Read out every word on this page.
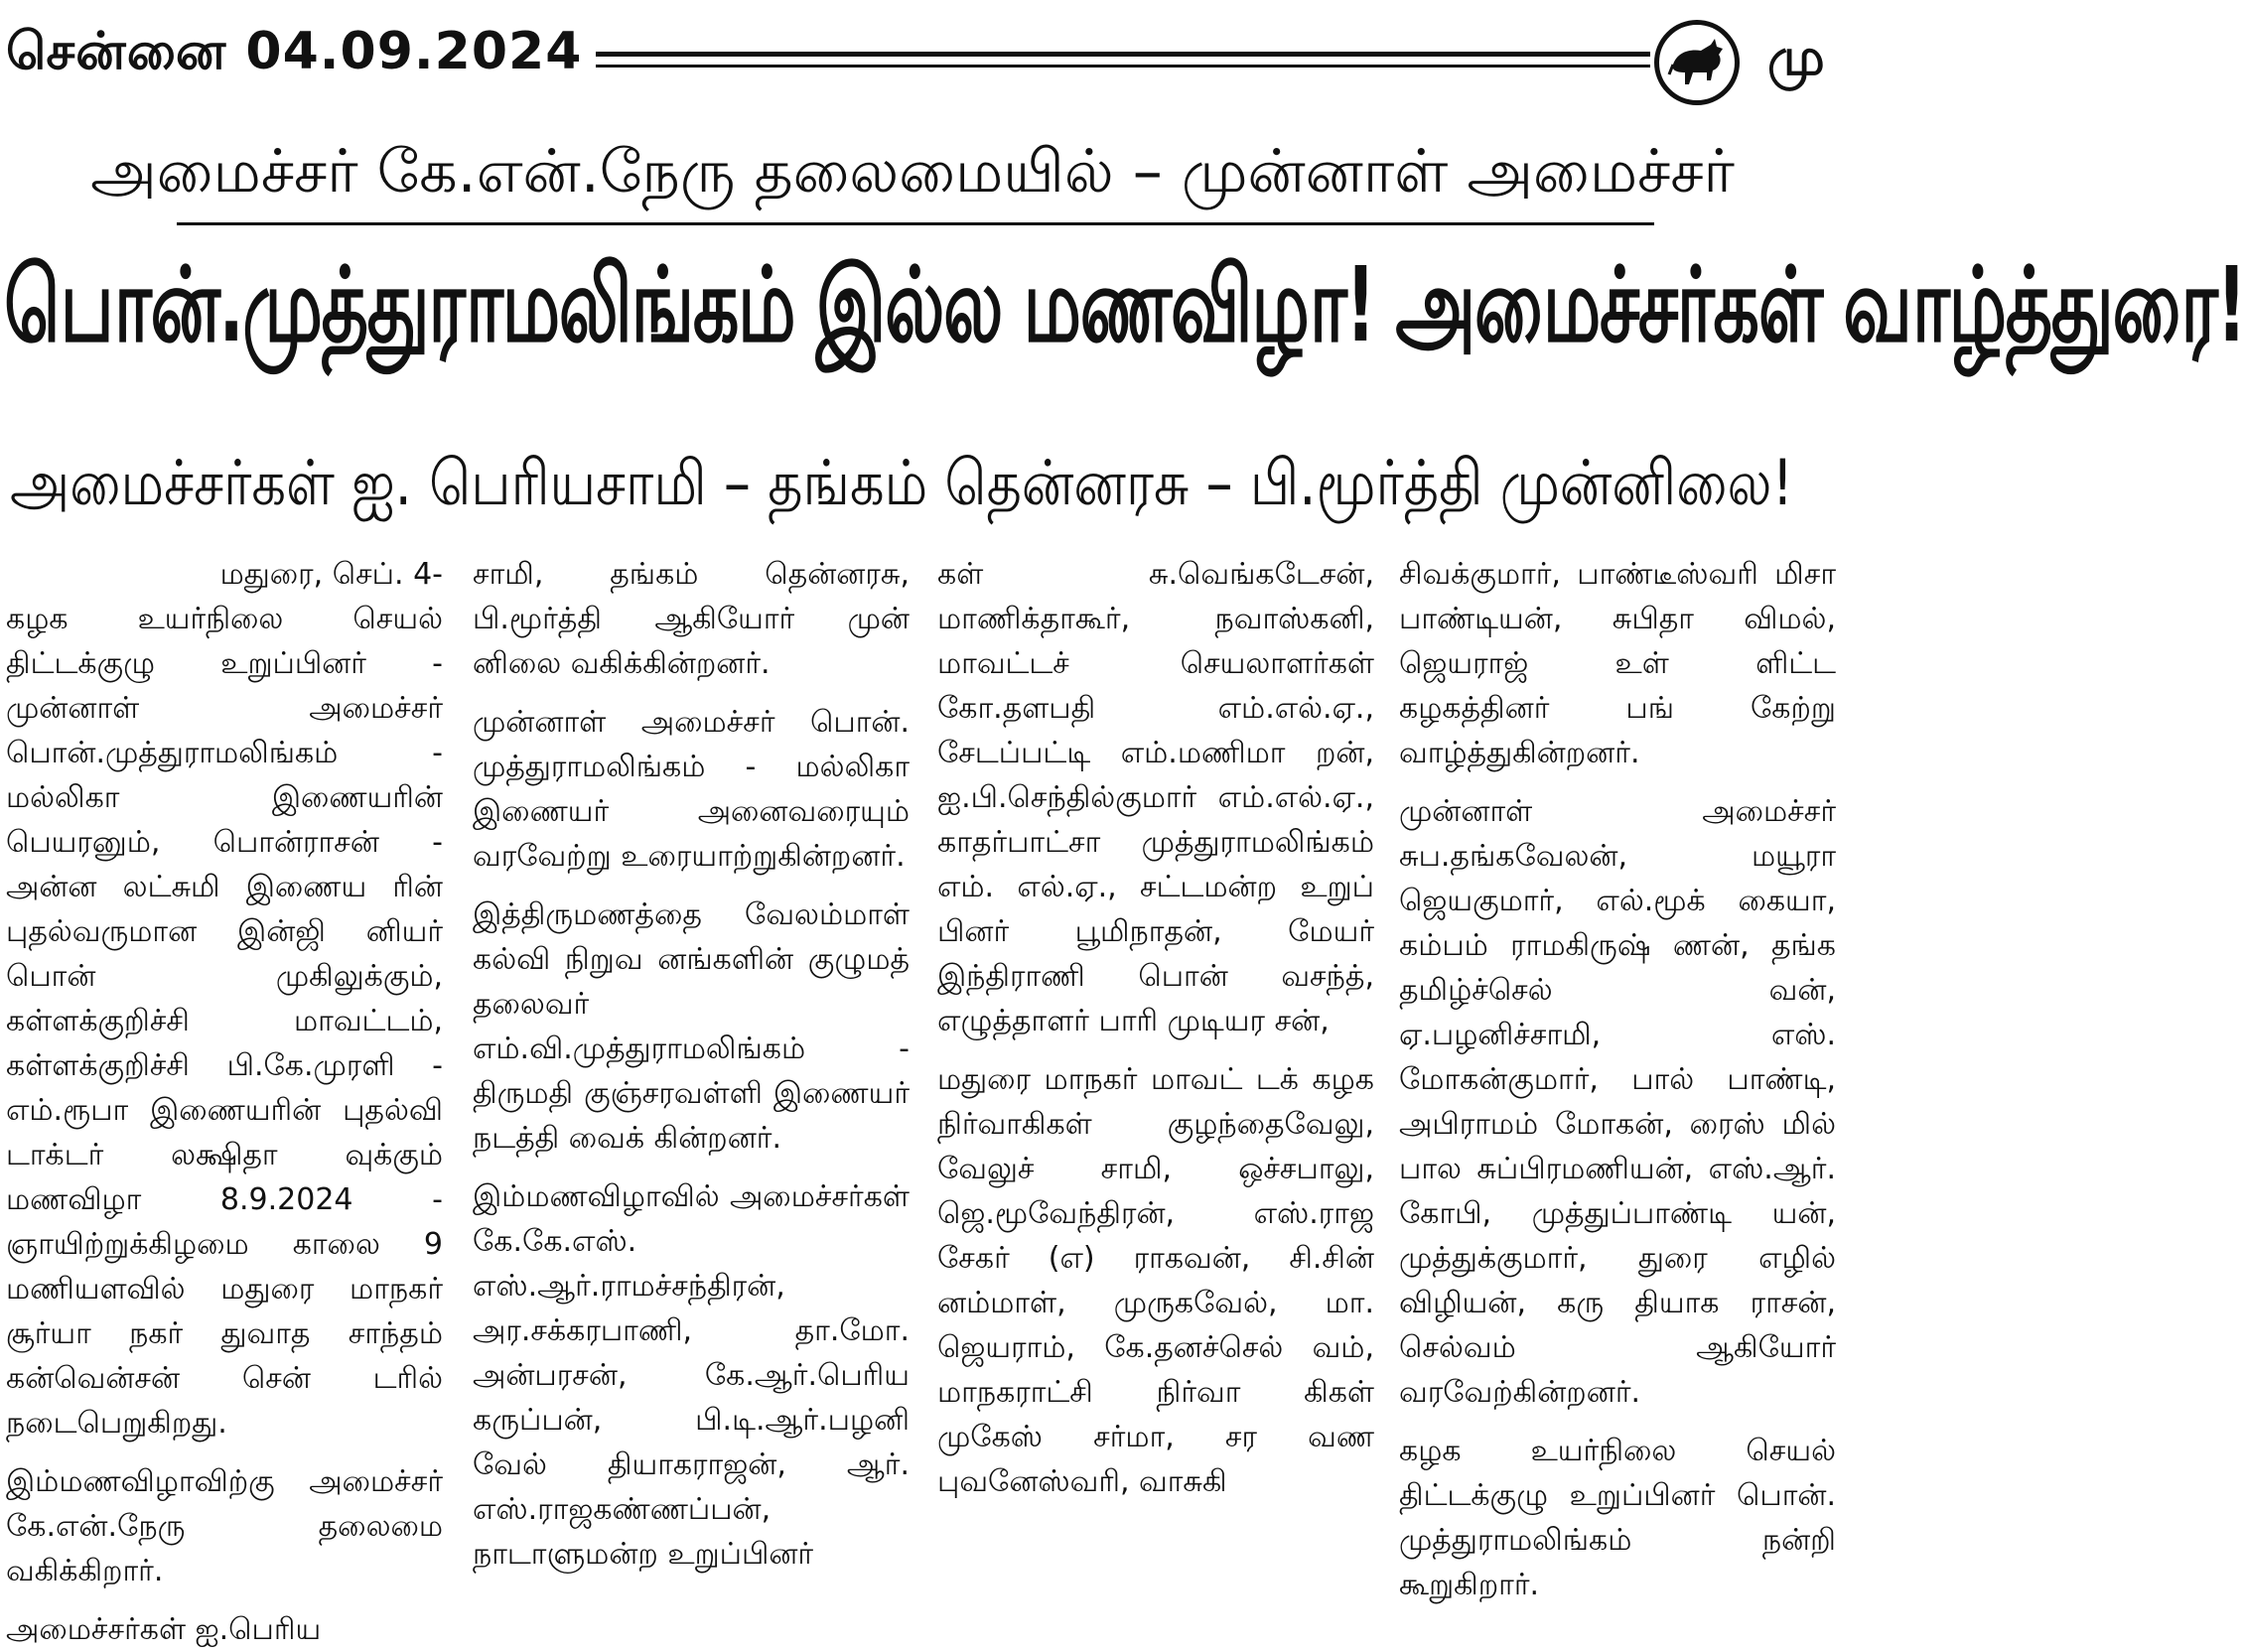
சென்னை 04.09.2024	மு
அமைச்சர் கே.என்.நேரு தலைமையில் – முன்னாள் அமைச்சர்
பொன்.முத்துராமலிங்கம் இல்ல மணவிழா! அமைச்சர்கள் வாழ்த்துரை!
அமைச்சர்கள் ஐ. பெரியசாமி – தங்கம் தென்னரசு – பி.மூர்த்தி முன்னிலை!

மதுரை, செப். 4-

கழக உயர்நிலை செயல் திட்டக்குழு உறுப்பினர் - முன்னாள் அமைச்சர் பொன்.முத்துராமலிங்கம் - மல்லிகா இணையரின் பெயரனும், பொன்ராசன் - அன்ன லட்சுமி இணைய ரின் புதல்வருமான இன்ஜி னியர் பொன் முகிலுக்கும், கள்ளக்குறிச்சி மாவட்டம், கள்ளக்குறிச்சி பி.கே.முரளி - எம்.ரூபா இணையரின் புதல்வி டாக்டர் லக்ஷிதா வுக்கும் மணவிழா 8.9.2024 - ஞாயிற்றுக்கிழமை காலை 9 மணியளவில் மதுரை மாநகர் சூர்யா நகர் துவாத சாந்தம் கன்வென்சன் சென் டரில் நடைபெறுகிறது.

இம்மணவிழாவிற்கு அமைச்சர் கே.என்.நேரு தலைமை வகிக்கிறார்.

அமைச்சர்கள் ஐ.பெரிய

சாமி, தங்கம் தென்னரசு, பி.மூர்த்தி ஆகியோர் முன் னிலை வகிக்கின்றனர்.

முன்னாள் அமைச்சர் பொன். முத்துராமலிங்கம் - மல்லிகா இணையர் அனைவரையும் வரவேற்று உரையாற்றுகின்றனர்.

இத்திருமணத்தை வேலம்மாள் கல்வி நிறுவ னங்களின் குழுமத் தலைவர் எம்.வி.முத்துராமலிங்கம் - திருமதி குஞ்சரவள்ளி இணையர் நடத்தி வைக் கின்றனர்.

இம்மணவிழாவில் அமைச்சர்கள் கே.கே.எஸ். எஸ்.ஆர்.ராமச்சந்திரன், அர.சக்கரபாணி, தா.மோ. அன்பரசன், கே.ஆர்.பெரிய கருப்பன், பி.டி.ஆர்.பழனி வேல் தியாகராஜன், ஆர். எஸ்.ராஜகண்ணப்பன், நாடாளுமன்ற உறுப்பினர்

கள் சு.வெங்கடேசன், மாணிக்தாகூர், நவாஸ்கனி, மாவட்டச் செயலாளர்கள் கோ.தளபதி எம்.எல்.ஏ., சேடப்பட்டி எம்.மணிமா றன், ஐ.பி.செந்தில்குமார் எம்.எல்.ஏ., காதர்பாட்சா முத்துராமலிங்கம் எம். எல்.ஏ., சட்டமன்ற உறுப் பினர் பூமிநாதன், மேயர் இந்திராணி பொன் வசந்த், எழுத்தாளர் பாரி முடியர சன்,

மதுரை மாநகர் மாவட் டக் கழக நிர்வாகிகள் குழந்தைவேலு, வேலுச் சாமி, ஒச்சபாலு, ஜெ.மூவேந்திரன், எஸ்.ராஜ சேகர் (எ) ராகவன், சி.சின் னம்மாள், முருகவேல், மா. ஜெயராம், கே.தனச்செல் வம், மாநகராட்சி நிர்வா கிகள் முகேஸ் சர்மா, சர வண புவனேஸ்வரி, வாசுகி

சிவக்குமார், பாண்டீஸ்வரி மிசா பாண்டியன், சுபிதா விமல், ஜெயராஜ் உள் ளிட்ட கழகத்தினர் பங் கேற்று வாழ்த்துகின்றனர்.

முன்னாள் அமைச்சர் சுப.தங்கவேலன், மயூரா ஜெயகுமார், எல்.மூக் கையா, கம்பம் ராமகிருஷ் ணன், தங்க தமிழ்ச்செல் வன், ஏ.பழனிச்சாமி, எஸ். மோகன்குமார், பால் பாண்டி, அபிராமம் மோகன், ரைஸ் மில் பால சுப்பிரமணியன், எஸ்.ஆர். கோபி, முத்துப்பாண்டி யன், முத்துக்குமார், துரை எழில் விழியன், கரு தியாக ராசன், செல்வம் ஆகியோர் வரவேற்கின்றனர்.

கழக உயர்நிலை செயல் திட்டக்குழு உறுப்பினர் பொன். முத்துராமலிங்கம் நன்றி கூறுகிறார்.
